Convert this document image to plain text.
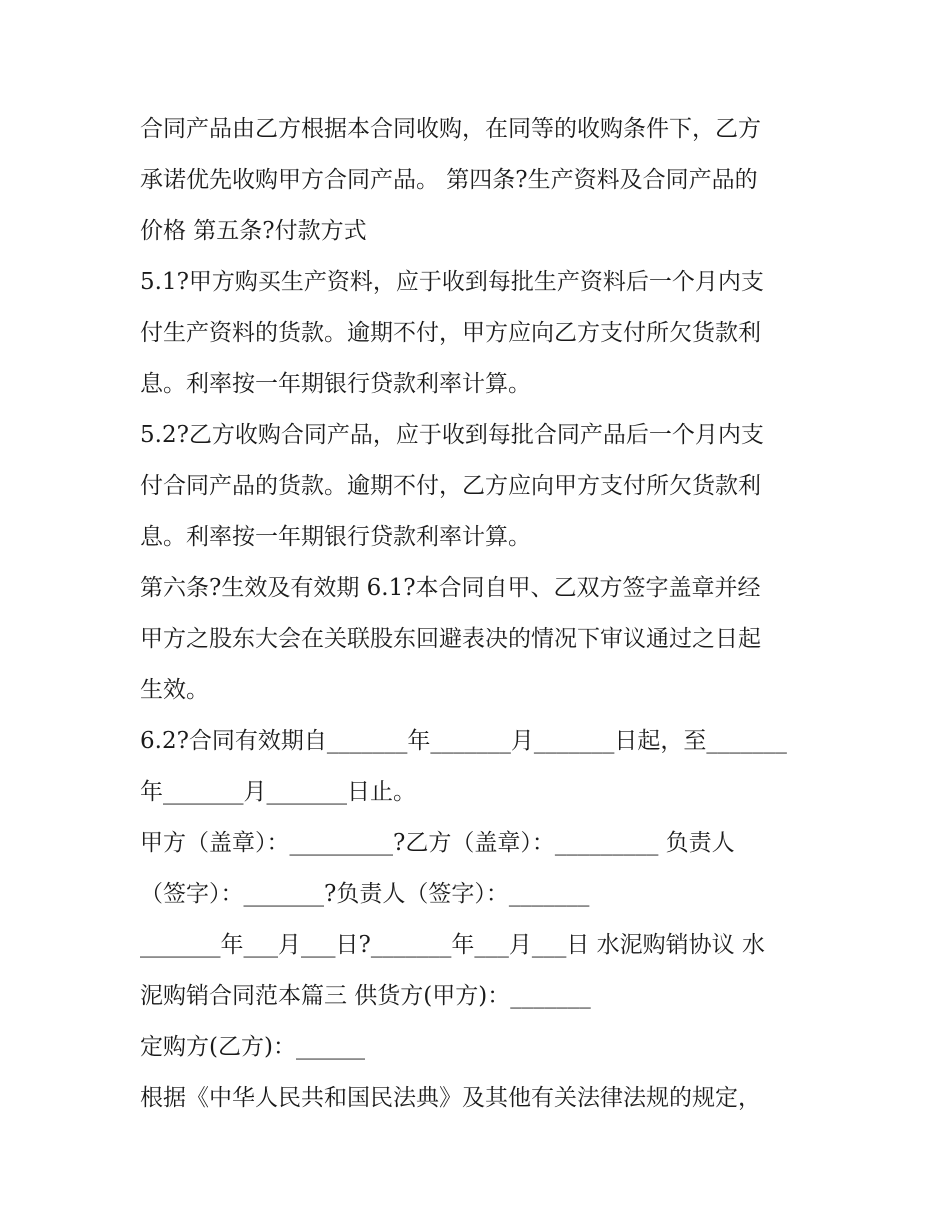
合同产品由乙方根据本合同收购，在同等的收购条件下，乙方
承诺优先收购甲方合同产品。 第四条?生产资料及合同产品的
价格 第五条?付款方式
5.1?甲方购买生产资料，应于收到每批生产资料后一个月内支
付生产资料的货款。逾期不付，甲方应向乙方支付所欠货款利
息。利率按一年期银行贷款利率计算。
5.2?乙方收购合同产品，应于收到每批合同产品后一个月内支
付合同产品的货款。逾期不付，乙方应向甲方支付所欠货款利
息。利率按一年期银行贷款利率计算。
第六条?生效及有效期 6.1?本合同自甲、乙双方签字盖章并经
甲方之股东大会在关联股东回避表决的情况下审议通过之日起
生效。
6.2?合同有效期自_______年_______月_______日起，至_______
年_______月_______日止。
甲方（盖章）：_________?乙方（盖章）：_________ 负责人
（签字）：_______?负责人（签字）：_______
_______年___月___日?_______年___月___日 水泥购销协议 水
泥购销合同范本篇三 供货方(甲方)：_______
定购方(乙方)：______
根据《中华人民共和国民法典》及其他有关法律法规的规定，
